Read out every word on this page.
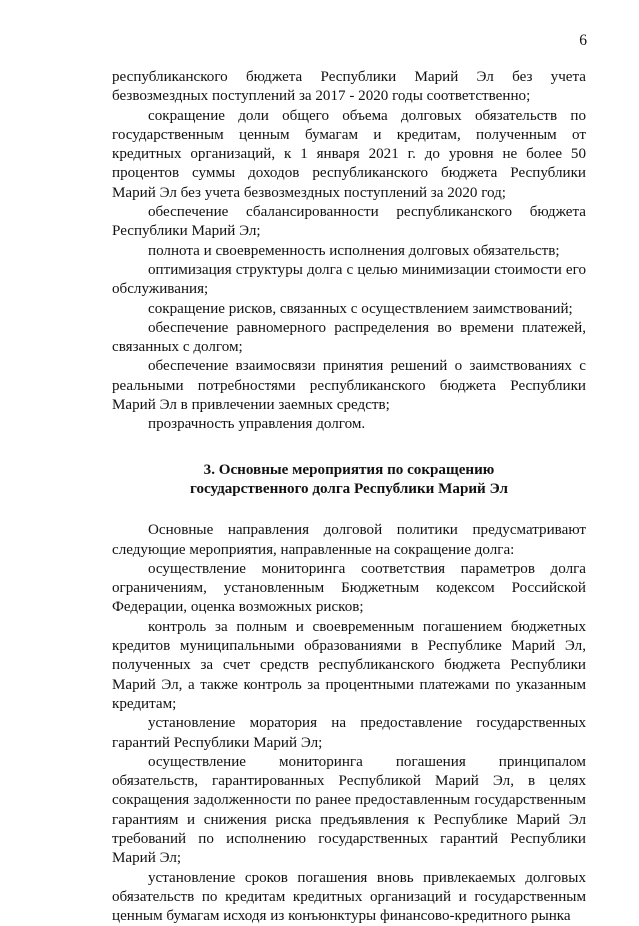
6

республиканского бюджета Республики Марий Эл без учета безвозмездных поступлений за 2017 - 2020 годы соответственно;

сокращение доли общего объема долговых обязательств по государственным ценным бумагам и кредитам, полученным от кредитных организаций, к 1 января 2021 г. до уровня не более 50 процентов суммы доходов республиканского бюджета Республики Марий Эл без учета безвозмездных поступлений за 2020 год;

обеспечение сбалансированности республиканского бюджета Республики Марий Эл;

полнота и своевременность исполнения долговых обязательств;

оптимизация структуры долга с целью минимизации стоимости его обслуживания;

сокращение рисков, связанных с осуществлением заимствований;

обеспечение равномерного распределения во времени платежей, связанных с долгом;

обеспечение взаимосвязи принятия решений о заимствованиях с реальными потребностями республиканского бюджета Республики Марий Эл в привлечении заемных средств;

прозрачность управления долгом.

3. Основные мероприятия по сокращению
государственного долга Республики Марий Эл

Основные направления долговой политики предусматривают следующие мероприятия, направленные на сокращение долга:

осуществление мониторинга соответствия параметров долга ограничениям, установленным Бюджетным кодексом Российской Федерации, оценка возможных рисков;

контроль за полным и своевременным погашением бюджетных кредитов муниципальными образованиями в Республике Марий Эл, полученных за счет средств республиканского бюджета Республики Марий Эл, а также контроль за процентными платежами по указанным кредитам;

установление моратория на предоставление государственных гарантий Республики Марий Эл;

осуществление мониторинга погашения принципалом обязательств, гарантированных Республикой Марий Эл, в целях сокращения задолженности по ранее предоставленным государственным гарантиям и снижения риска предъявления к Республике Марий Эл требований по исполнению государственных гарантий Республики Марий Эл;

установление сроков погашения вновь привлекаемых долговых обязательств по кредитам кредитных организаций и государственным ценным бумагам исходя из конъюнктуры финансово-кредитного рынка
